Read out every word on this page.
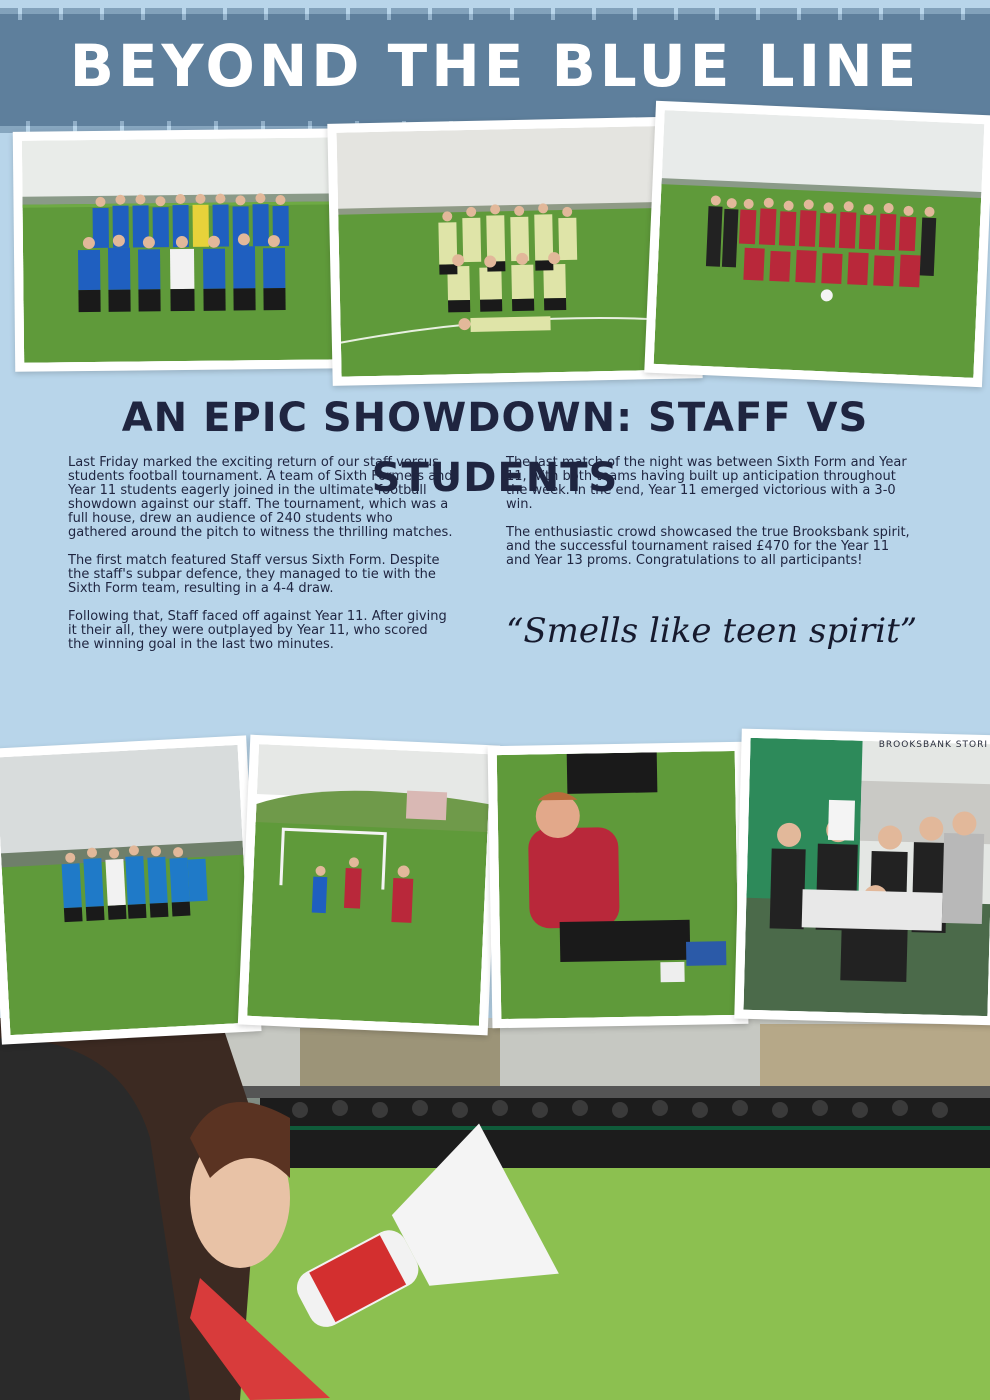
BEYOND THE BLUE LINE
AN EPIC SHOWDOWN: STAFF VS STUDENTS

Last Friday marked the exciting return of our staff versus students football tournament. A team of Sixth Formers and Year 11 students eagerly joined in the ultimate football showdown against our staff. The tournament, which was a full house, drew an audience of 240 students who gathered around the pitch to witness the thrilling matches.

The first match featured Staff versus Sixth Form. Despite the staff's subpar defence, they managed to tie with the Sixth Form team, resulting in a 4-4 draw.

Following that, Staff faced off against Year 11. After giving it their all, they were outplayed by Year 11, who scored the winning goal in the last two minutes.

The last match of the night was between Sixth Form and Year 11, with both teams having built up anticipation throughout the week. In the end, Year 11 emerged victorious with a 3-0 win.

The enthusiastic crowd showcased the true Brooksbank spirit, and the successful tournament raised £470 for the Year 11 and Year 13 proms. Congratulations to all participants!

“Smells like teen spirit”

BROOKSBANK STORI
